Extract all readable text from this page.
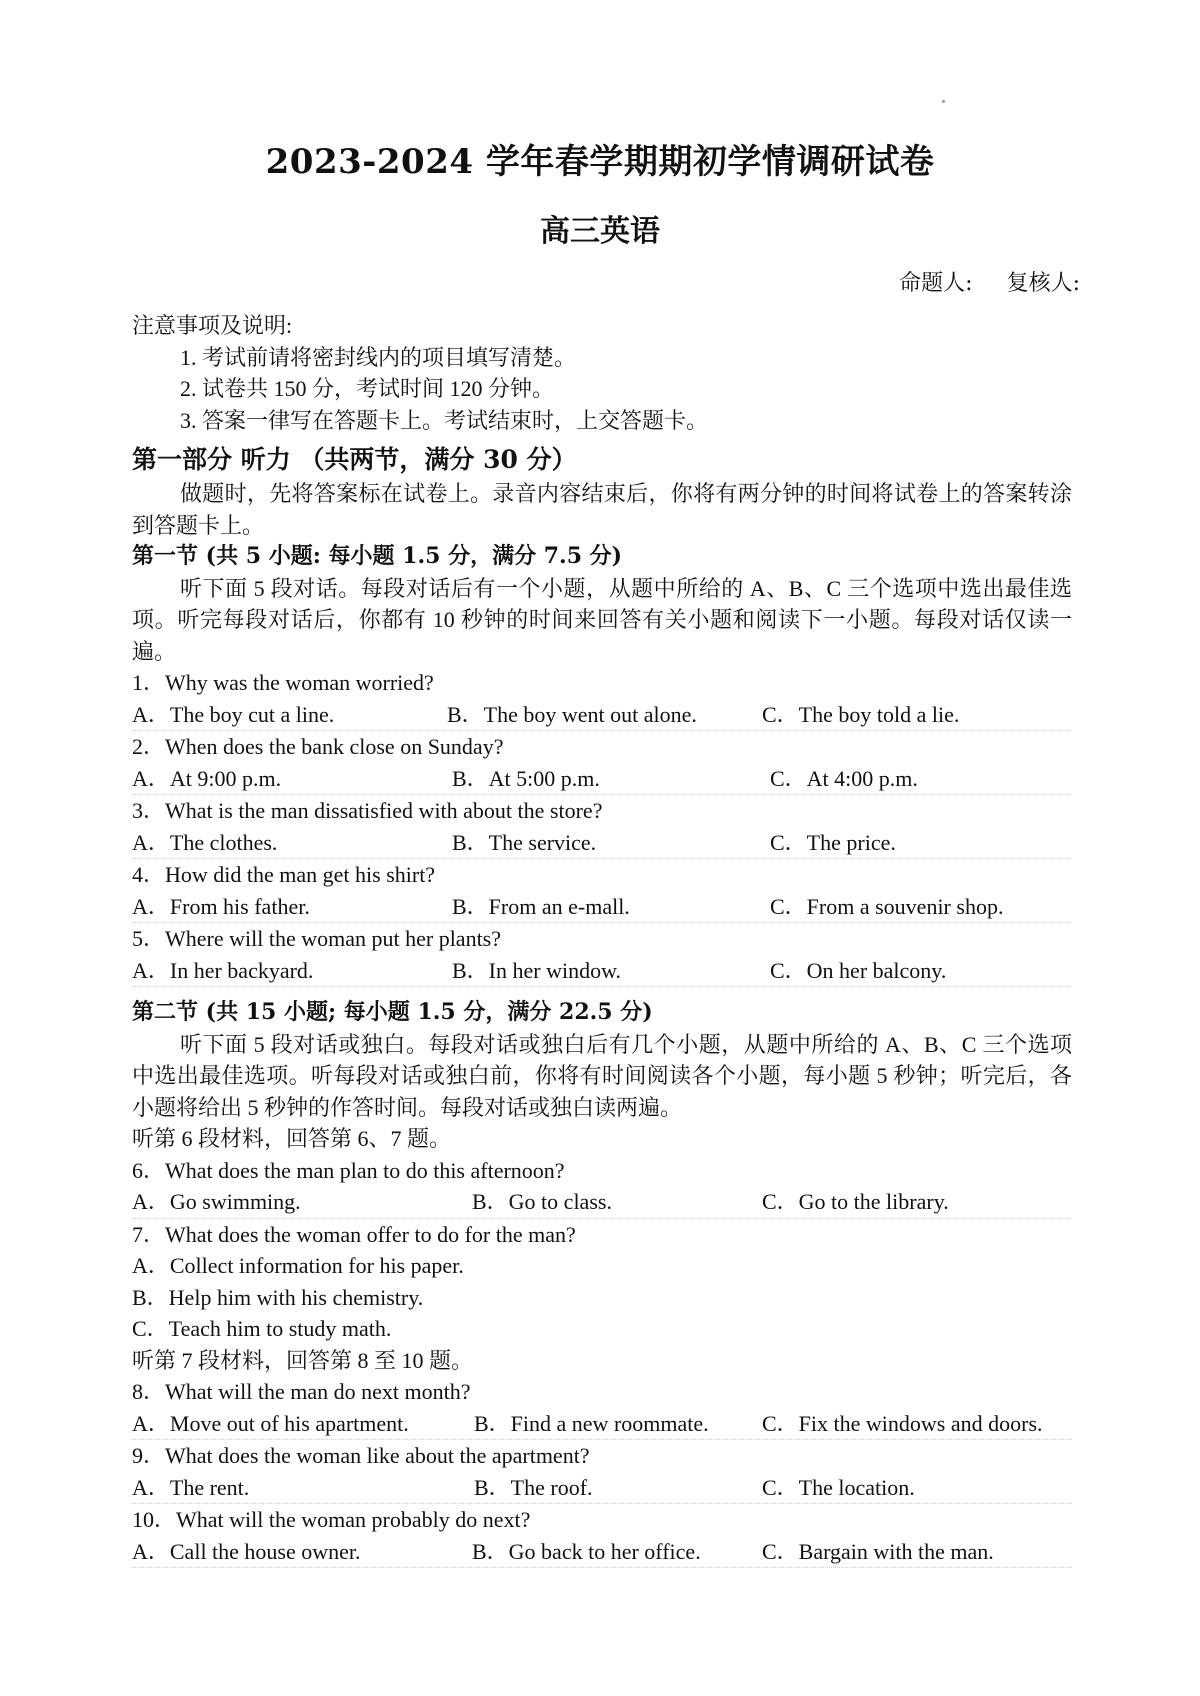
2023-2024 学年春学期期初学情调研试卷
高三英语
命题人: 复核人:
注意事项及说明:
1. 考试前请将密封线内的项目填写清楚。
2. 试卷共 150 分，考试时间 120 分钟。
3. 答案一律写在答题卡上。考试结束时，上交答题卡。
第一部分 听力 （共两节，满分 30 分）
做题时，先将答案标在试卷上。录音内容结束后，你将有两分钟的时间将试卷上的答案转涂到答题卡上。
第一节 (共 5 小题: 每小题 1.5 分，满分 7.5 分)
听下面 5 段对话。每段对话后有一个小题，从题中所给的 A、B、C 三个选项中选出最佳选项。听完每段对话后，你都有 10 秒钟的时间来回答有关小题和阅读下一小题。每段对话仅读一遍。
1．Why was the woman worried?
A．The boy cut a line.	B．The boy went out alone.	C．The boy told a lie.
2．When does the bank close on Sunday?
A．At 9:00 p.m.	B．At 5:00 p.m.	C．At 4:00 p.m.
3．What is the man dissatisfied with about the store?
A．The clothes.	B．The service.	C．The price.
4．How did the man get his shirt?
A．From his father.	B．From an e-mall.	C．From a souvenir shop.
5．Where will the woman put her plants?
A．In her backyard.	B．In her window.	C．On her balcony.
第二节 (共 15 小题; 每小题 1.5 分，满分 22.5 分)
听下面 5 段对话或独白。每段对话或独白后有几个小题，从题中所给的 A、B、C 三个选项中选出最佳选项。听每段对话或独白前，你将有时间阅读各个小题，每小题 5 秒钟；听完后，各小题将给出 5 秒钟的作答时间。每段对话或独白读两遍。
听第 6 段材料，回答第 6、7 题。
6．What does the man plan to do this afternoon?
A．Go swimming.	B．Go to class.	C．Go to the library.
7．What does the woman offer to do for the man?
A．Collect information for his paper.
B．Help him with his chemistry.
C．Teach him to study math.
听第 7 段材料，回答第 8 至 10 题。
8．What will the man do next month?
A．Move out of his apartment.	B．Find a new roommate. C．Fix the windows and doors.
9．What does the woman like about the apartment?
A．The rent.	B．The roof.	C．The location.
10．What will the woman probably do next?
A．Call the house owner.	B．Go back to her office.	C．Bargain with the man.
